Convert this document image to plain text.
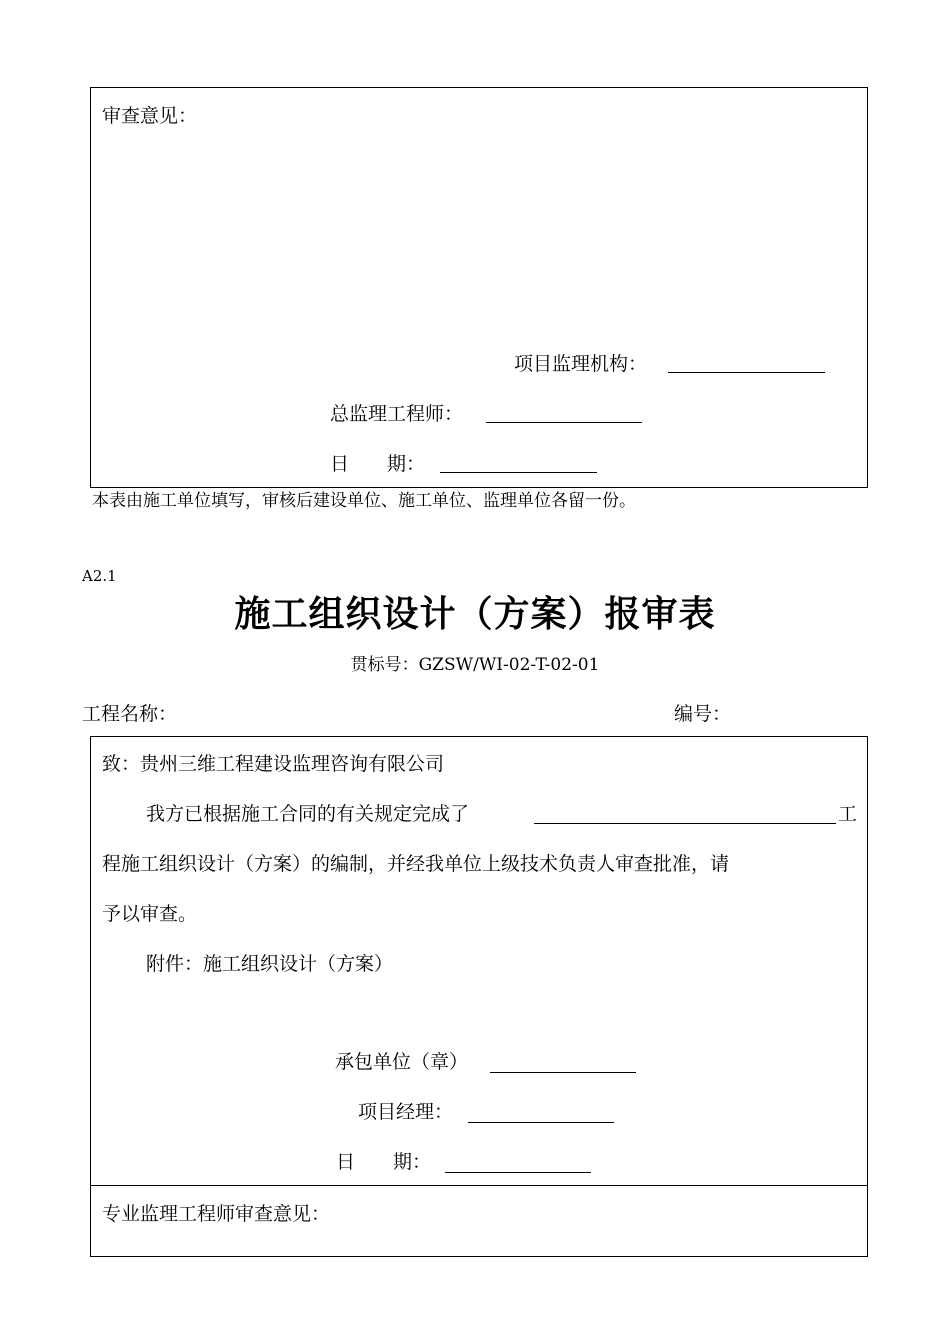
审查意见：
项目监理机构：
总监理工程师：
日　　期：
本表由施工单位填写，审核后建设单位、施工单位、监理单位各留一份。
A2.1
施工组织设计（方案）报审表
贯标号：GZSW/WI-02-T-02-01
工程名称：	编号：
致：贵州三维工程建设监理咨询有限公司
我方已根据施工合同的有关规定完成了	工
程施工组织设计（方案）的编制，并经我单位上级技术负责人审查批准，请
予以审查。
附件：施工组织设计（方案）
承包单位（章）
项目经理：
日　　期：
专业监理工程师审查意见：
